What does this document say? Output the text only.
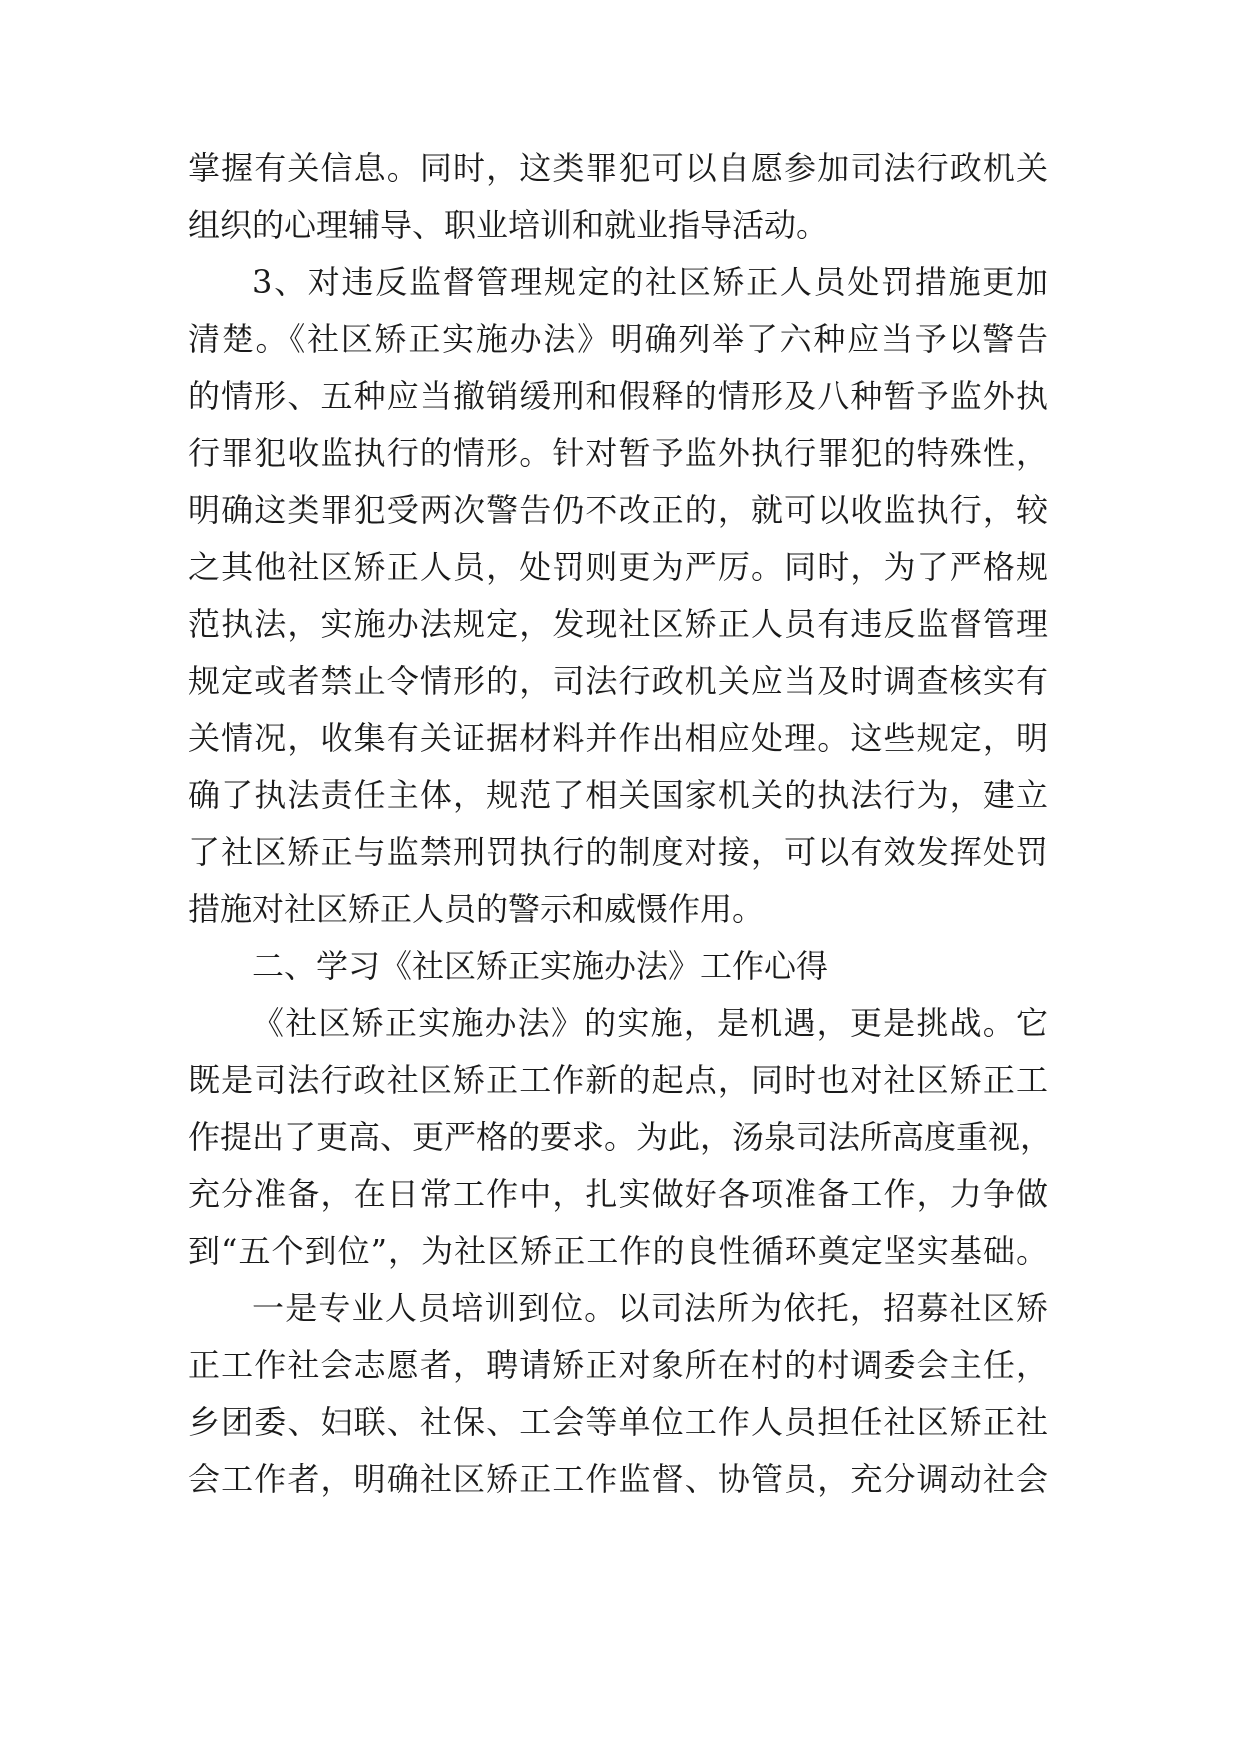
掌握有关信息。同时，这类罪犯可以自愿参加司法行政机关
组织的心理辅导、职业培训和就业指导活动。
3、对违反监督管理规定的社区矫正人员处罚措施更加
清楚。《社区矫正实施办法》明确列举了六种应当予以警告
的情形、五种应当撤销缓刑和假释的情形及八种暂予监外执
行罪犯收监执行的情形。针对暂予监外执行罪犯的特殊性，
明确这类罪犯受两次警告仍不改正的，就可以收监执行，较
之其他社区矫正人员，处罚则更为严厉。同时，为了严格规
范执法，实施办法规定，发现社区矫正人员有违反监督管理
规定或者禁止令情形的，司法行政机关应当及时调查核实有
关情况，收集有关证据材料并作出相应处理。这些规定，明
确了执法责任主体，规范了相关国家机关的执法行为，建立
了社区矫正与监禁刑罚执行的制度对接，可以有效发挥处罚
措施对社区矫正人员的警示和威慑作用。
二、学习《社区矫正实施办法》工作心得
《社区矫正实施办法》的实施，是机遇，更是挑战。它
既是司法行政社区矫正工作新的起点，同时也对社区矫正工
作提出了更高、更严格的要求。为此，汤泉司法所高度重视，
充分准备，在日常工作中，扎实做好各项准备工作，力争做
到“五个到位”，为社区矫正工作的良性循环奠定坚实基础。
一是专业人员培训到位。以司法所为依托，招募社区矫
正工作社会志愿者，聘请矫正对象所在村的村调委会主任，
乡团委、妇联、社保、工会等单位工作人员担任社区矫正社
会工作者，明确社区矫正工作监督、协管员，充分调动社会
